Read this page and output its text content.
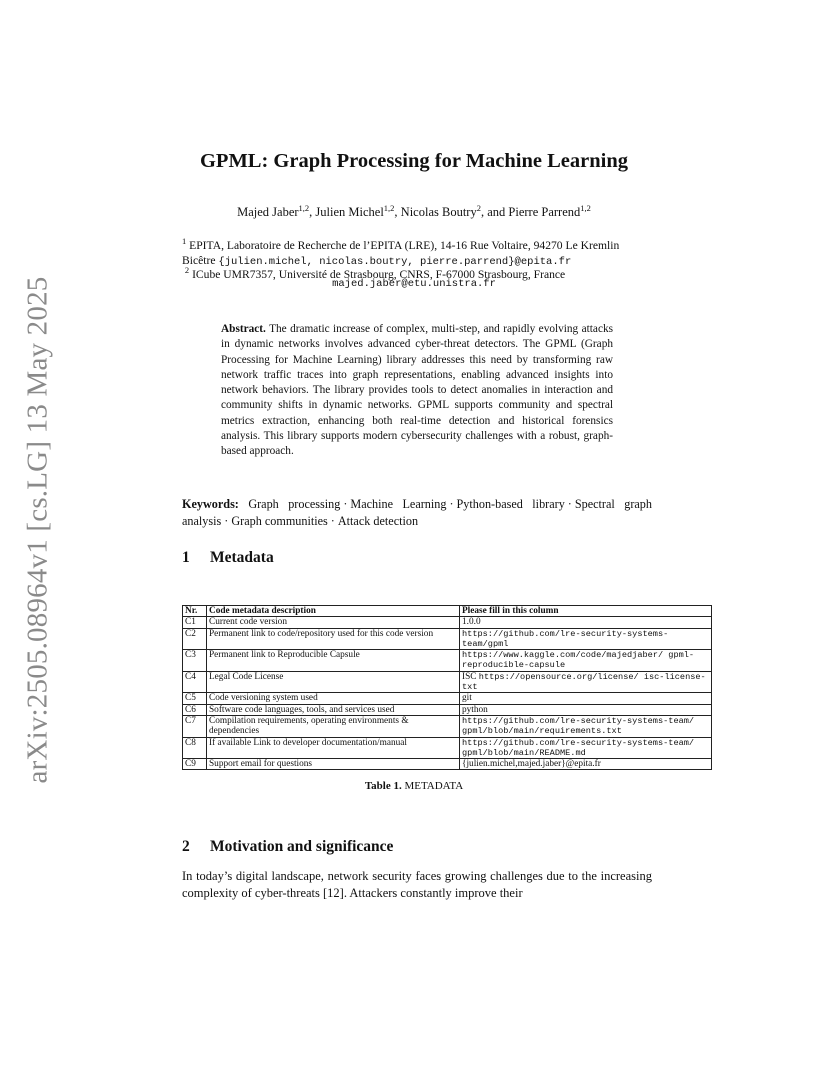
arXiv:2505.08964v1 [cs.LG] 13 May 2025
GPML: Graph Processing for Machine Learning
Majed Jaber$^{1,2}$, Julien Michel$^{1,2}$, Nicolas Boutry$^2$, and Pierre Parrend$^{1,2}$
$^1$ EPITA, Laboratoire de Recherche de l’EPITA (LRE), 14-16 Rue Voltaire, 94270 Le Kremlin Bicêtre {julien.michel, nicolas.boutry, pierre.parrend}@epita.fr
$^2$ ICube UMR7357, Université de Strasbourg, CNRS, F-67000 Strasbourg, France
majed.jaber@etu.unistra.fr
Abstract. The dramatic increase of complex, multi-step, and rapidly evolving attacks in dynamic networks involves advanced cyber-threat detectors. The GPML (Graph Processing for Machine Learning) library addresses this need by transforming raw network traffic traces into graph representations, enabling advanced insights into network behaviors. The library provides tools to detect anomalies in interaction and community shifts in dynamic networks. GPML supports community and spectral metrics extraction, enhancing both real-time detection and historical forensics analysis. This library supports modern cybersecurity challenges with a robust, graph-based approach.
Keywords: Graph processing · Machine Learning · Python-based library · Spectral graph analysis · Graph communities · Attack detection
1 Metadata
Nr.	Code metadata description	Please fill in this column
C1	Current code version	1.0.0
C2	Permanent link to code/repository used for this code version	https://github.com/lre-security-systems-team/gpml
C3	Permanent link to Reproducible Capsule	https://www.kaggle.com/code/majedjaber/ gpml-reproducible-capsule
C4	Legal Code License	ISC https://opensource.org/license/ isc-license-txt
C5	Code versioning system used	git
C6	Software code languages, tools, and services used	python
C7	Compilation requirements, operating environments & dependencies	https://github.com/lre-security-systems-team/ gpml/blob/main/requirements.txt
C8	If available Link to developer documentation/manual	https://github.com/lre-security-systems-team/ gpml/blob/main/README.md
C9	Support email for questions	{julien.michel,majed.jaber}@epita.fr
Table 1. METADATA
2 Motivation and significance
In today’s digital landscape, network security faces growing challenges due to the increasing complexity of cyber-threats [12]. Attackers constantly improve their
